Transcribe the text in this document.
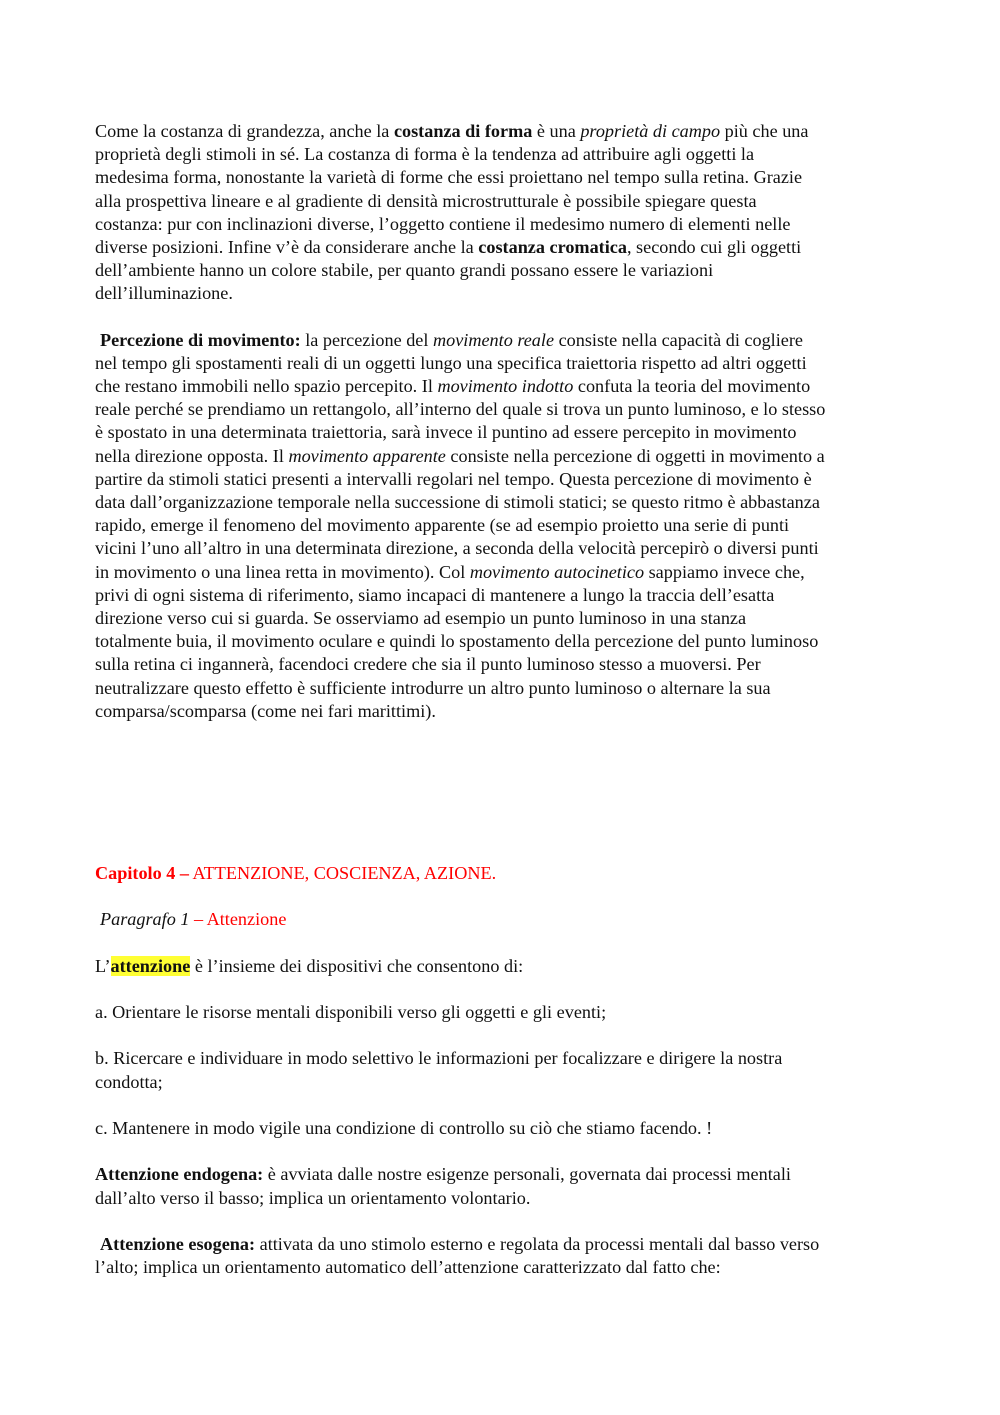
Come la costanza di grandezza, anche la costanza di forma è una proprietà di campo più che una
proprietà degli stimoli in sé. La costanza di forma è la tendenza ad attribuire agli oggetti la
medesima forma, nonostante la varietà di forme che essi proiettano nel tempo sulla retina. Grazie
alla prospettiva lineare e al gradiente di densità microstrutturale è possibile spiegare questa
costanza: pur con inclinazioni diverse, l’oggetto contiene il medesimo numero di elementi nelle
diverse posizioni. Infine v’è da considerare anche la costanza cromatica, secondo cui gli oggetti
dell’ambiente hanno un colore stabile, per quanto grandi possano essere le variazioni
dell’illuminazione.
Percezione di movimento: la percezione del movimento reale consiste nella capacità di cogliere
nel tempo gli spostamenti reali di un oggetti lungo una specifica traiettoria rispetto ad altri oggetti
che restano immobili nello spazio percepito. Il movimento indotto confuta la teoria del movimento
reale perché se prendiamo un rettangolo, all’interno del quale si trova un punto luminoso, e lo stesso
è spostato in una determinata traiettoria, sarà invece il puntino ad essere percepito in movimento
nella direzione opposta. Il movimento apparente consiste nella percezione di oggetti in movimento a
partire da stimoli statici presenti a intervalli regolari nel tempo. Questa percezione di movimento è
data dall’organizzazione temporale nella successione di stimoli statici; se questo ritmo è abbastanza
rapido, emerge il fenomeno del movimento apparente (se ad esempio proietto una serie di punti
vicini l’uno all’altro in una determinata direzione, a seconda della velocità percepirò o diversi punti
in movimento o una linea retta in movimento). Col movimento autocinetico sappiamo invece che,
privi di ogni sistema di riferimento, siamo incapaci di mantenere a lungo la traccia dell’esatta
direzione verso cui si guarda. Se osserviamo ad esempio un punto luminoso in una stanza
totalmente buia, il movimento oculare e quindi lo spostamento della percezione del punto luminoso
sulla retina ci ingannerà, facendoci credere che sia il punto luminoso stesso a muoversi. Per
neutralizzare questo effetto è sufficiente introdurre un altro punto luminoso o alternare la sua
comparsa/scomparsa (come nei fari marittimi).
Capitolo 4 – ATTENZIONE, COSCIENZA, AZIONE.
Paragrafo 1 – Attenzione
L’attenzione è l’insieme dei dispositivi che consentono di:
a. Orientare le risorse mentali disponibili verso gli oggetti e gli eventi;
b. Ricercare e individuare in modo selettivo le informazioni per focalizzare e dirigere la nostra
condotta;
c. Mantenere in modo vigile una condizione di controllo su ciò che stiamo facendo. !
Attenzione endogena: è avviata dalle nostre esigenze personali, governata dai processi mentali
dall’alto verso il basso; implica un orientamento volontario.
Attenzione esogena: attivata da uno stimolo esterno e regolata da processi mentali dal basso verso
l’alto; implica un orientamento automatico dell’attenzione caratterizzato dal fatto che:
